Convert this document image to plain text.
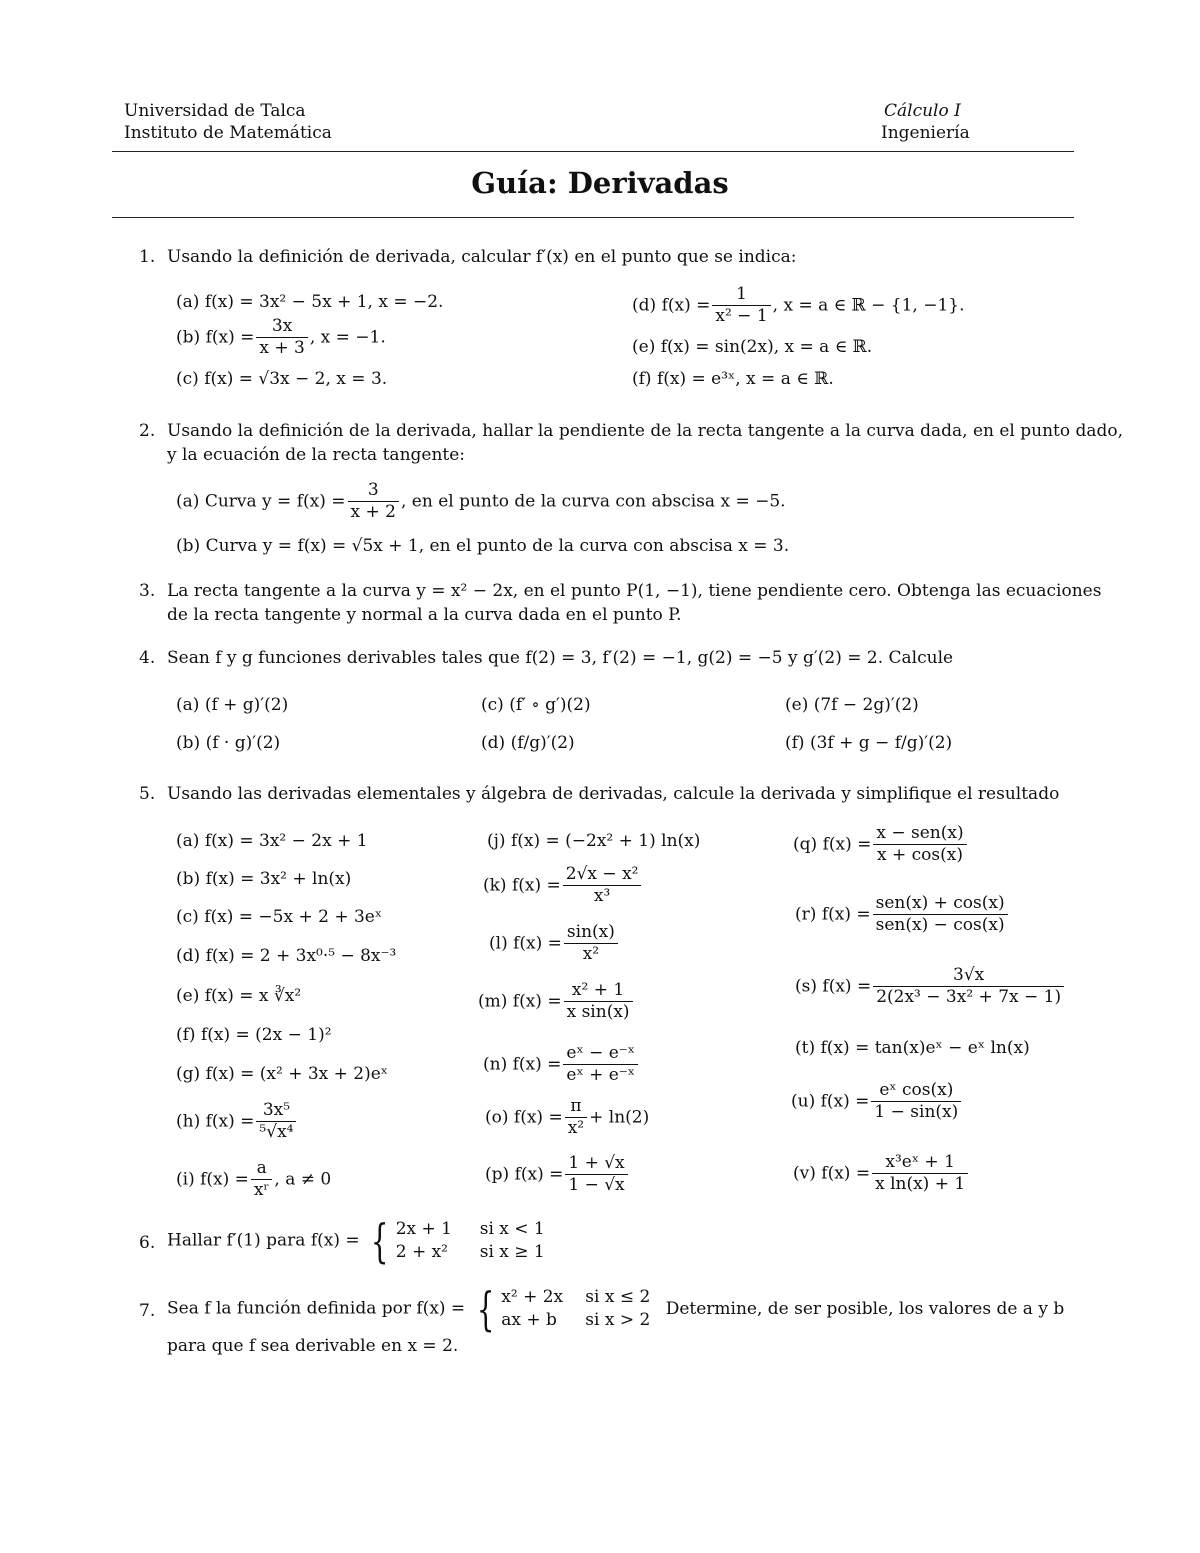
Universidad de Talca
Instituto de Matemática
Cálculo I
Ingeniería
Guía: Derivadas
1. Usando la definición de derivada, calcular f′(x) en el punto que se indica:
(a) f(x) = 3x² − 5x + 1, x = −2.
(b) $f(x) = \frac{3x}{x + 3}$ , x = −1.
(c) f(x) = √3x − 2, x = 3.
(d) $f(x) = \frac{1}{\text{x² − 1}}$ , x = a ∈ ℝ − {1, −1}.
(e) f(x) = sin(2x), x = a ∈ ℝ.
(f) f(x) = e³ˣ, x = a ∈ ℝ.
2. Usando la definición de la derivada, hallar la pendiente de la recta tangente a la curva dada, en el punto dado,
y la ecuación de la recta tangente:
(a) Curva $y = f(x) = \frac{3}{x + 2}$ , en el punto de la curva con abscisa x = −5.
(b) Curva y = f(x) = √5x + 1, en el punto de la curva con abscisa x = 3.
3. La recta tangente a la curva y = x² − 2x, en el punto P(1, −1), tiene pendiente cero. Obtenga las ecuaciones
de la recta tangente y normal a la curva dada en el punto P.
4. Sean f y g funciones derivables tales que f(2) = 3, f′(2) = −1, g(2) = −5 y g′(2) = 2. Calcule
(a) (f + g)′(2)
(b) (f · g)′(2)
(c) (f′ ∘ g′)(2)
(d) (f/g)′(2)
(e) (7f − 2g)′(2)
(f) (3f + g − f/g)′(2)
5. Usando las derivadas elementales y álgebra de derivadas, calcule la derivada y simplifique el resultado
(a) f(x) = 3x² − 2x + 1
(b) f(x) = 3x² + ln(x)
(c) f(x) = −5x + 2 + 3eˣ
(d) f(x) = 2 + 3x⁰·⁵ − 8x⁻³
(e) f(x) = x ∛x²
(f) f(x) = (2x − 1)²
(g) f(x) = (x² + 3x + 2)eˣ
(h) $f(x) = \frac{\text{3x⁵}}{\text{⁵√x⁴}}$
(i) $f(x) = \frac{a}{\text{xʳ}}$ , a ≠ 0
(j) f(x) = (−2x² + 1) ln(x)
(k) $f(x) = \frac{\text{2√x − x²}}{\text{x³}}$
(l) $f(x) = \frac{\sin(x)}{\text{x²}}$
(m) $f(x) = \frac{\text{x² + 1}}{\text{x sin(x)}}$
(n) $f(x) = \frac{\text{eˣ − e⁻ˣ}}{\text{eˣ + e⁻ˣ}}$
(o) $f(x) = \frac{\pi}{\text{x²}} + \ln(2)$
(p) $f(x) = \frac{1 + √x}{1 - √x}$
(q) f(x) =
x − sen(x)
x + cos(x)
(r) f(x) =
sen(x) + cos(x)
sen(x) − cos(x)
(s) $f(x) = \frac{3√x}{\text{2(2x³ − 3x² + 7x − 1)}}$
(t) f(x) = tan(x)eˣ − eˣ ln(x)
(u) $f(x) = \frac{\text{eˣ cos(x)}}{1 - \sin(x)}$
(v) $f(x) = \frac{\text{x³eˣ + 1}}{\text{x ln(x) + 1}}$
6. Hallar f′(1) para f(x) = { 2x + 1 si x < 1
2 + x² si x ≥ 1
7. Sea f la función definida por f(x) = { x² + 2x si x ≤ 2
ax + b si x > 2
Determine, de ser posible, los valores de a y b
para que f sea derivable en x = 2.
